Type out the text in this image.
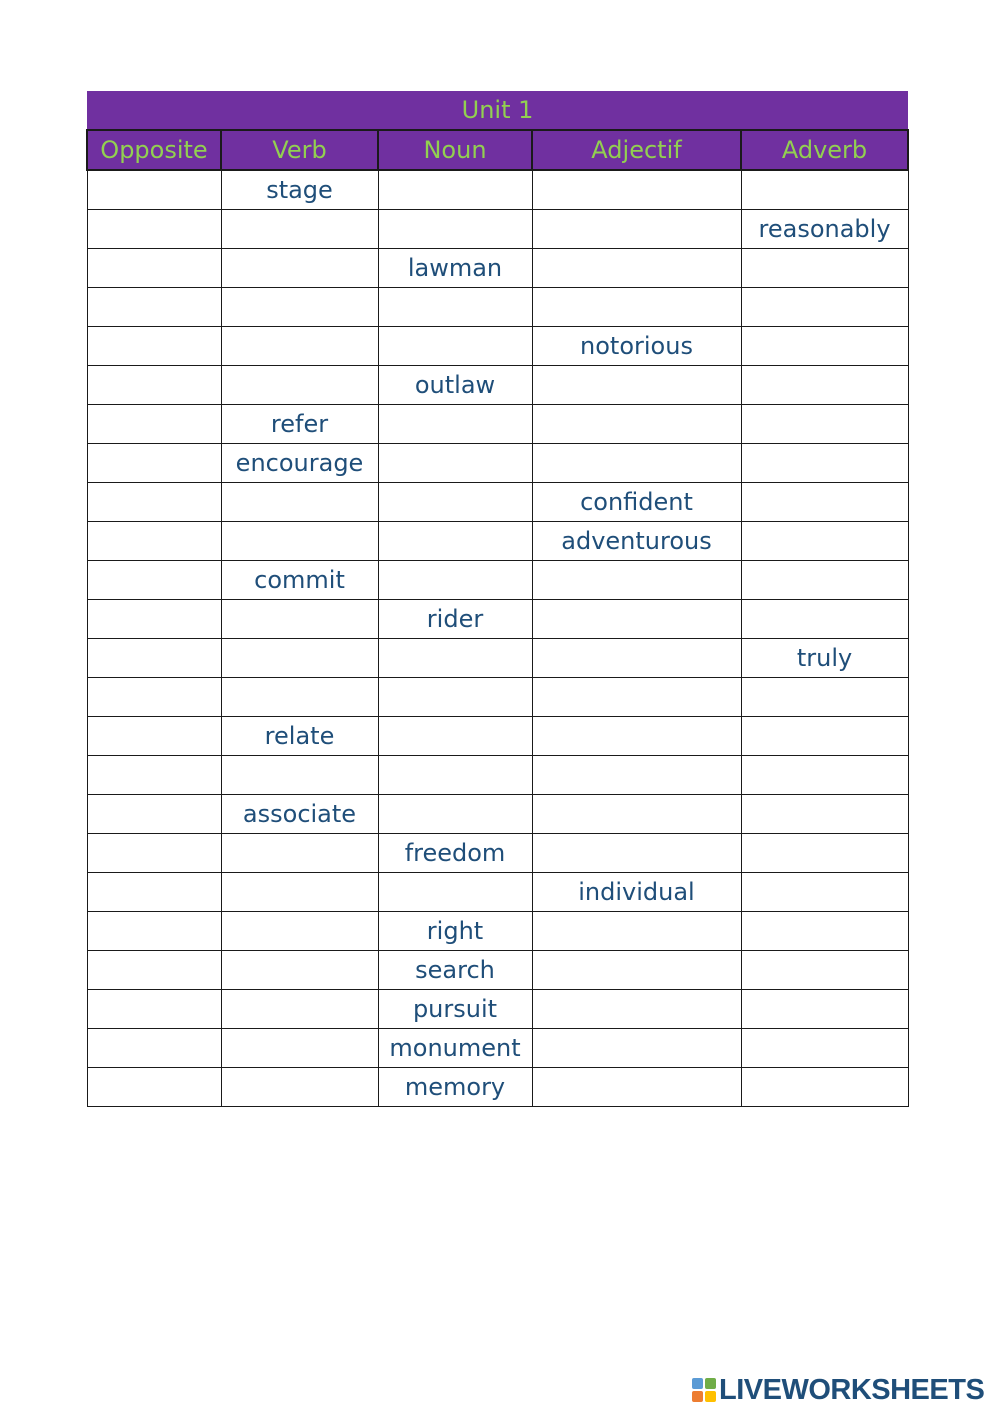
Unit 1				
Opposite	Verb	Noun	Adjectif	Adverb
	stage			
				reasonably
		lawman		

			notorious	
		outlaw		
	refer			
	encourage			
			confident	
			adventurous	
	commit			
		rider		
				truly

	relate			

	associate			
		freedom		
			individual	
		right		
		search		
		pursuit		
		monument		
		memory		
LIVEWORKSHEETS
